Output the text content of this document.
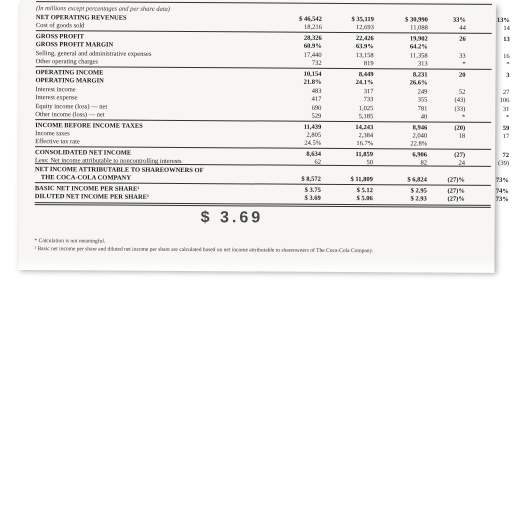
(In millions except percentages and per share data)
NET OPERATING REVENUES	$ 46,542	$ 35,119	$ 30,990	33%	13%
Cost of goods sold	18,216	12,693	11,088	44	14
GROSS PROFIT	28,326	22,426	19,902	26	13
GROSS PROFIT MARGIN	60.9%	63.9%	64.2%
Selling, general and administrative expenses	17,440	13,158	11,358	33	16
Other operating charges	732	819	313	*	*
OPERATING INCOME	10,154	8,449	8,231	20	3
OPERATING MARGIN	21.8%	24.1%	26.6%
Interest income	483	317	249	52	27
Interest expense	417	733	355	(43)	106
Equity income (loss) — net	690	1,025	781	(33)	31
Other income (loss) — net	529	5,185	40	*	*
INCOME BEFORE INCOME TAXES	11,439	14,243	8,946	(20)	59
Income taxes	2,805	2,384	2,040	18	17
Effective tax rate	24.5%	16.7%	22.8%
CONSOLIDATED NET INCOME	8,634	11,859	6,906	(27)	72
Less: Net income attributable to noncontrolling interests	62	50	82	24	(39)
NET INCOME ATTRIBUTABLE TO SHAREOWNERS OF
THE COCA-COLA COMPANY	$ 8,572	$ 11,809	$ 6,824	(27)%	73%
BASIC NET INCOME PER SHARE¹	$ 3.75	$ 5.12	$ 2.95	(27)%	74%
DILUTED NET INCOME PER SHARE¹	$ 3.69	$ 5.06	$ 2.93	(27)%	73%
* Calculation is not meaningful.
¹ Basic net income per share and diluted net income per share are calculated based on net income attributable to shareowners of The Coca-Cola Company.
$ 3.69
